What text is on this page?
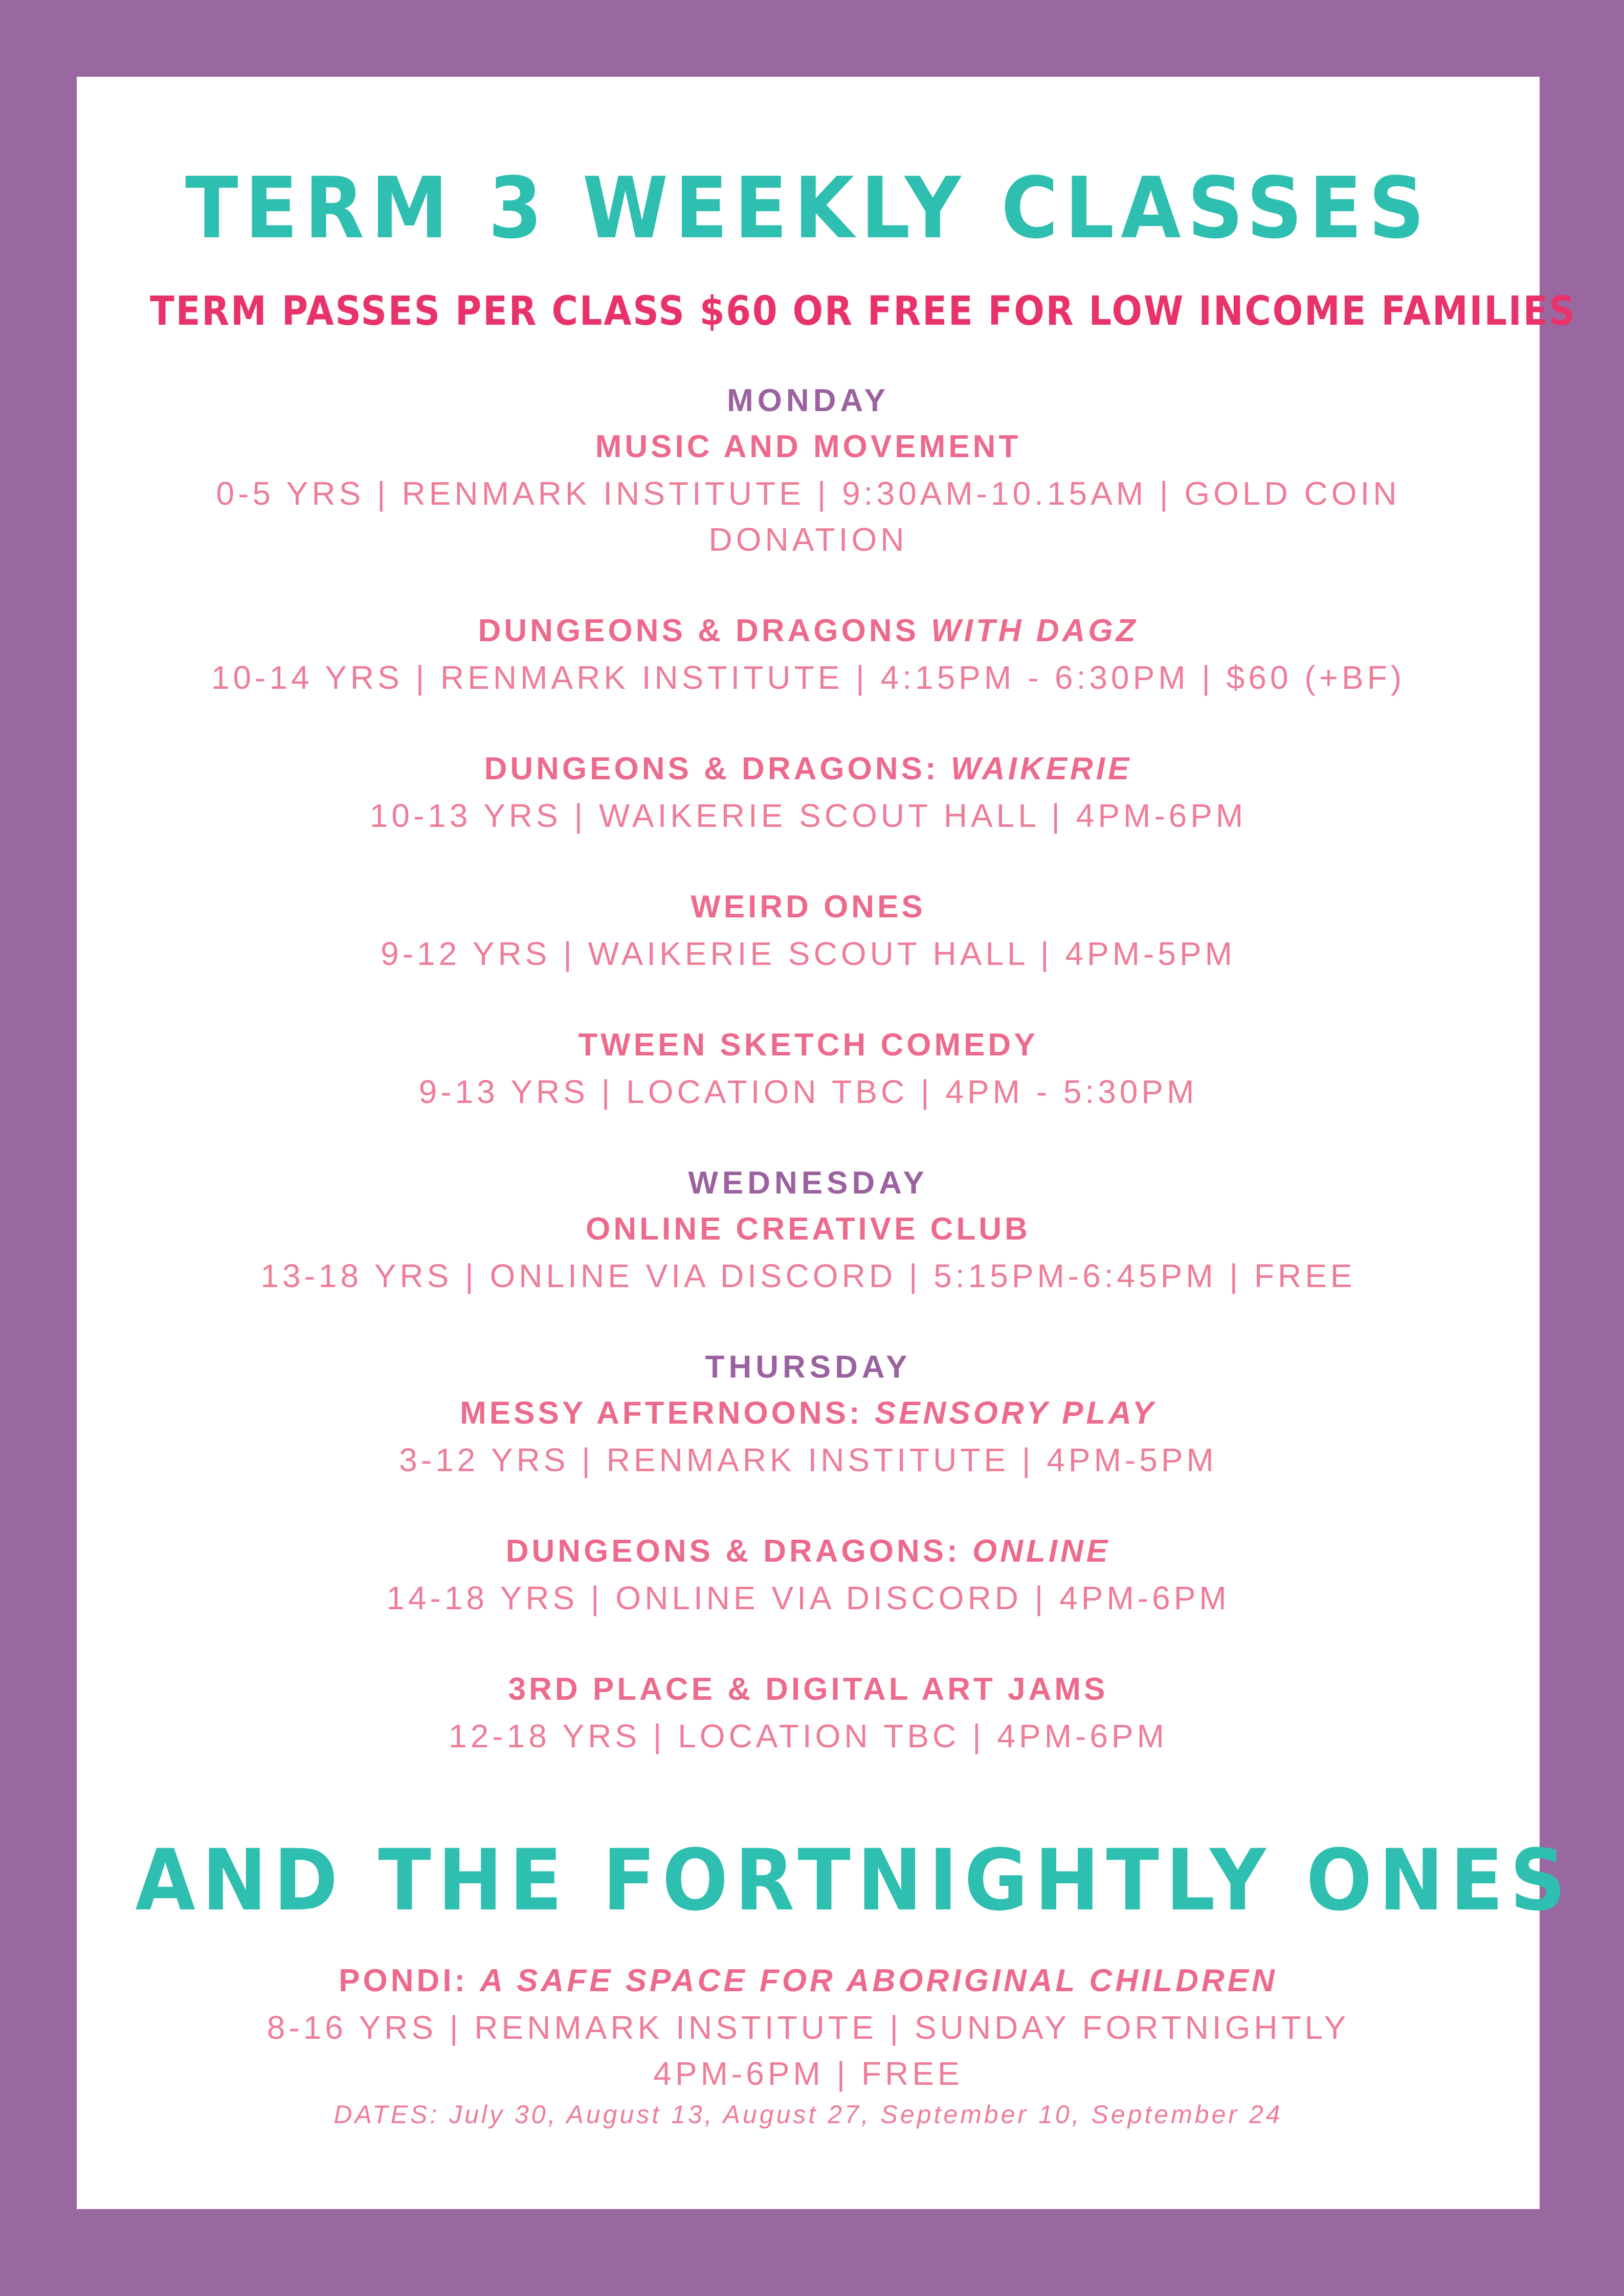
TERM 3 WEEKLY CLASSES
TERM PASSES PER CLASS $60 OR FREE FOR LOW INCOME FAMILIES
MONDAY
MUSIC AND MOVEMENT
0-5 YRS | RENMARK INSTITUTE | 9:30AM-10.15AM | GOLD COIN
DONATION
DUNGEONS & DRAGONS WITH DAGZ
10-14 YRS | RENMARK INSTITUTE | 4:15PM - 6:30PM | $60 (+BF)
DUNGEONS & DRAGONS: WAIKERIE
10-13 YRS | WAIKERIE SCOUT HALL | 4PM-6PM
WEIRD ONES
9-12 YRS | WAIKERIE SCOUT HALL | 4PM-5PM
TWEEN SKETCH COMEDY
9-13 YRS | LOCATION TBC | 4PM - 5:30PM
WEDNESDAY
ONLINE CREATIVE CLUB
13-18 YRS | ONLINE VIA DISCORD | 5:15PM-6:45PM | FREE
THURSDAY
MESSY AFTERNOONS: SENSORY PLAY
3-12 YRS | RENMARK INSTITUTE | 4PM-5PM
DUNGEONS & DRAGONS: ONLINE
14-18 YRS | ONLINE VIA DISCORD | 4PM-6PM
3RD PLACE & DIGITAL ART JAMS
12-18 YRS | LOCATION TBC | 4PM-6PM
AND THE FORTNIGHTLY ONES
PONDI: A SAFE SPACE FOR ABORIGINAL CHILDREN
8-16 YRS | RENMARK INSTITUTE | SUNDAY FORTNIGHTLY
4PM-6PM | FREE
DATES: July 30, August 13, August 27, September 10, September 24
